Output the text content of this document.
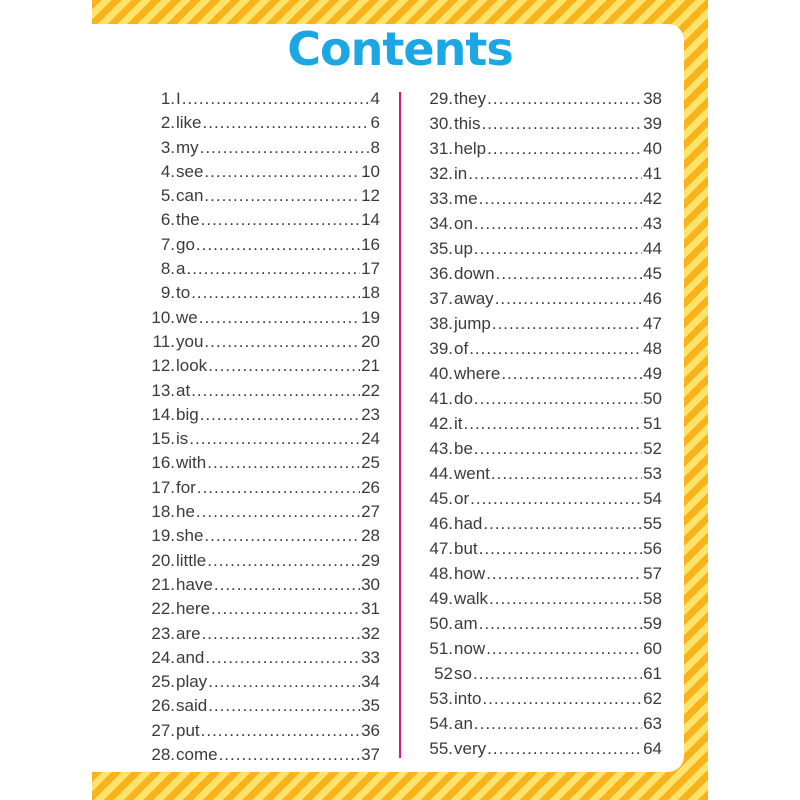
Contents
1. I .....	4
2. like .....	6
3. my .....	8
4. see .....	10
5. can .....	12
6. the .....	14
7. go .....	16
8. a .....	17
9. to .....	18
10. we .....	19
11. you .....	20
12. look .....	21
13. at .....	22
14. big .....	23
15. is .....	24
16. with .....	25
17. for .....	26
18. he .....	27
19. she .....	28
20. little .....	29
21. have .....	30
22. here .....	31
23. are .....	32
24. and .....	33
25. play .....	34
26. said .....	35
27. put .....	36
28. come .....	37
29. they .....	38
30. this .....	39
31. help .....	40
32. in .....	41
33. me .....	42
34. on .....	43
35. up .....	44
36. down .....	45
37. away .....	46
38. jump .....	47
39. of .....	48
40. where .....	49
41. do .....	50
42. it .....	51
43. be .....	52
44. went .....	53
45. or .....	54
46. had .....	55
47. but .....	56
48. how .....	57
49. walk .....	58
50. am .....	59
51. now .....	60
52 so .....	61
53. into .....	62
54. an .....	63
55. very .....	64
